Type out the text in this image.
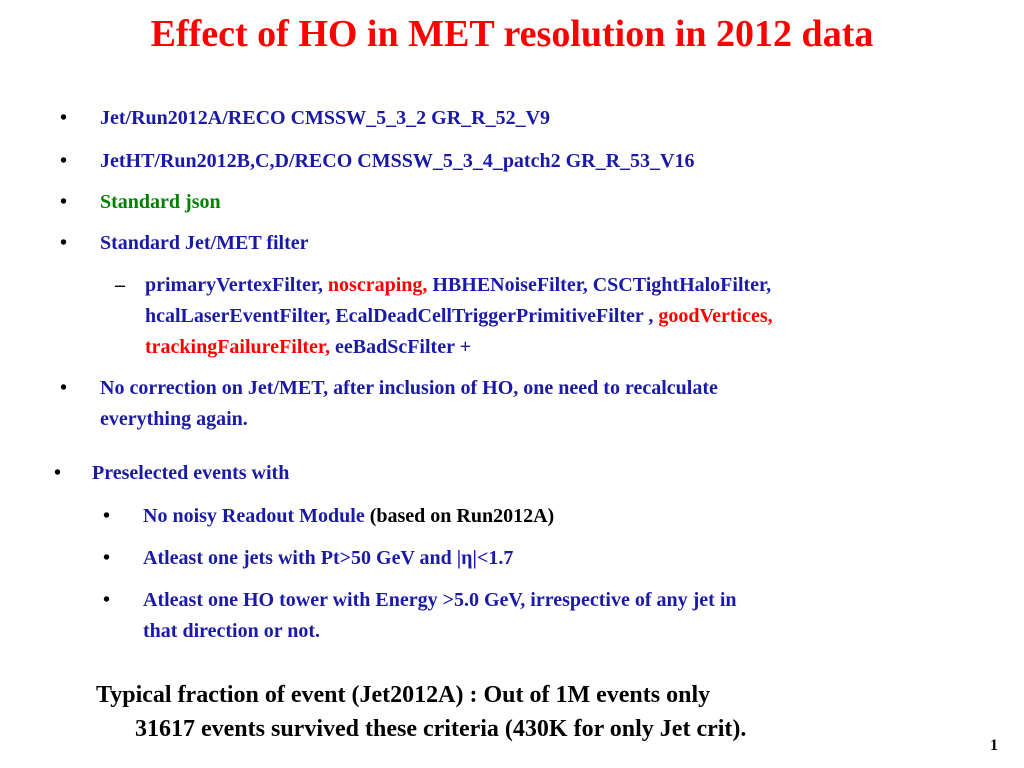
Effect of HO in MET resolution in 2012 data
• Jet/Run2012A/RECO CMSSW_5_3_2 GR_R_52_V9
• JetHT/Run2012B,C,D/RECO CMSSW_5_3_4_patch2 GR_R_53_V16
• Standard json
• Standard Jet/MET filter
– primaryVertexFilter, noscraping, HBHENoiseFilter, CSCTightHaloFilter,
hcalLaserEventFilter, EcalDeadCellTriggerPrimitiveFilter , goodVertices,
trackingFailureFilter, eeBadScFilter +
• No correction on Jet/MET, after inclusion of HO, one need to recalculate
everything again.
• Preselected events with
• No noisy Readout Module (based on Run2012A)
• Atleast one jets with Pt>50 GeV and |η|<1.7
• Atleast one HO tower with Energy >5.0 GeV, irrespective of any jet in
that direction or not.
Typical fraction of event (Jet2012A) : Out of 1M events only
31617 events survived these criteria (430K for only Jet crit).
1
